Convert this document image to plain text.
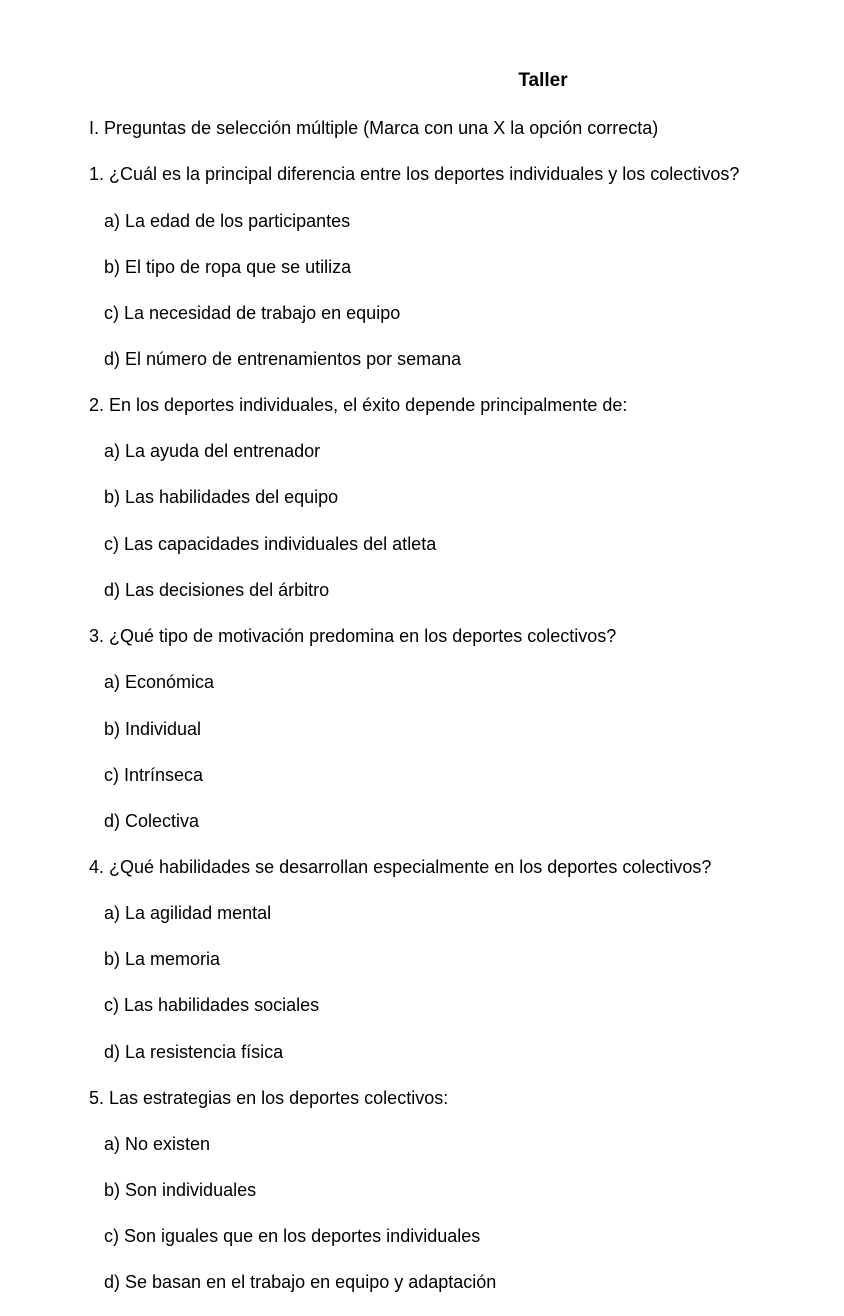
Taller
I. Preguntas de selección múltiple (Marca con una X la opción correcta)
1. ¿Cuál es la principal diferencia entre los deportes individuales y los colectivos?
a) La edad de los participantes
b) El tipo de ropa que se utiliza
c) La necesidad de trabajo en equipo
d) El número de entrenamientos por semana
2. En los deportes individuales, el éxito depende principalmente de:
a) La ayuda del entrenador
b) Las habilidades del equipo
c) Las capacidades individuales del atleta
d) Las decisiones del árbitro
3. ¿Qué tipo de motivación predomina en los deportes colectivos?
a) Económica
b) Individual
c) Intrínseca
d) Colectiva
4. ¿Qué habilidades se desarrollan especialmente en los deportes colectivos?
a) La agilidad mental
b) La memoria
c) Las habilidades sociales
d) La resistencia física
5. Las estrategias en los deportes colectivos:
a) No existen
b) Son individuales
c) Son iguales que en los deportes individuales
d) Se basan en el trabajo en equipo y adaptación
